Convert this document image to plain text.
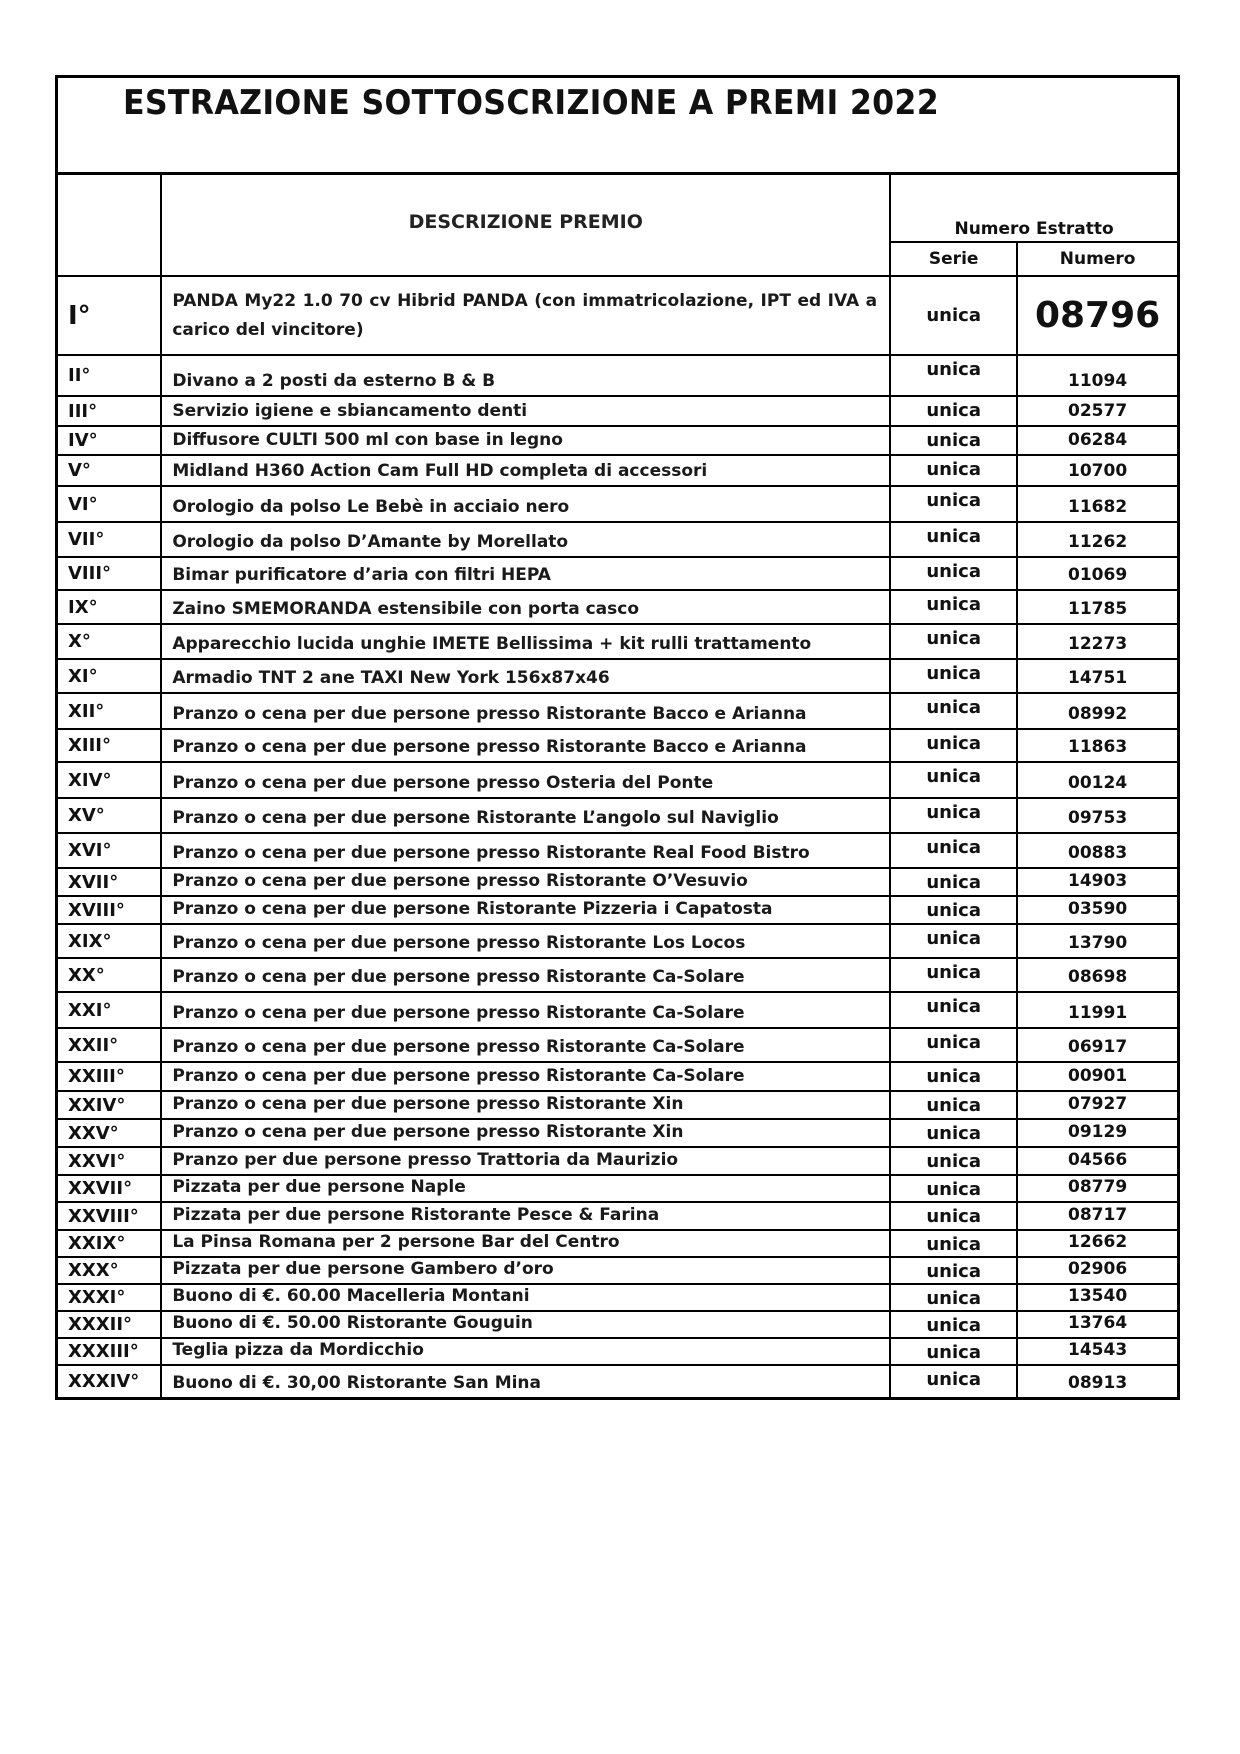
ESTRAZIONE SOTTOSCRIZIONE A PREMI 2022
	DESCRIZIONE PREMIO	Numero Estratto	
		Serie	Numero
I°	PANDA My22 1.0 70 cv Hibrid PANDA (con immatricolazione, IPT ed IVA a carico del vincitore)	unica	08796
II°	Divano a 2 posti da esterno B & B	unica	11094
III°	Servizio igiene e sbiancamento denti	unica	02577
IV°	Diffusore CULTI 500 ml con base in legno	unica	06284
V°	Midland H360 Action Cam Full HD completa di accessori	unica	10700
VI°	Orologio da polso Le Bebè in acciaio nero	unica	11682
VII°	Orologio da polso D’Amante by Morellato	unica	11262
VIII°	Bimar purificatore d’aria con filtri HEPA	unica	01069
IX°	Zaino SMEMORANDA estensibile con porta casco	unica	11785
X°	Apparecchio lucida unghie IMETE Bellissima + kit rulli trattamento	unica	12273
XI°	Armadio TNT 2 ane TAXI New York 156x87x46	unica	14751
XII°	Pranzo o cena per due persone presso Ristorante Bacco e Arianna	unica	08992
XIII°	Pranzo o cena per due persone presso Ristorante Bacco e Arianna	unica	11863
XIV°	Pranzo o cena per due persone presso Osteria del Ponte	unica	00124
XV°	Pranzo o cena per due persone Ristorante L’angolo sul Naviglio	unica	09753
XVI°	Pranzo o cena per due persone presso Ristorante Real Food Bistro	unica	00883
XVII°	Pranzo o cena per due persone presso Ristorante O’Vesuvio	unica	14903
XVIII°	Pranzo o cena per due persone Ristorante Pizzeria i Capatosta	unica	03590
XIX°	Pranzo o cena per due persone presso Ristorante Los Locos	unica	13790
XX°	Pranzo o cena per due persone presso Ristorante Ca-Solare	unica	08698
XXI°	Pranzo o cena per due persone presso Ristorante Ca-Solare	unica	11991
XXII°	Pranzo o cena per due persone presso Ristorante Ca-Solare	unica	06917
XXIII°	Pranzo o cena per due persone presso Ristorante Ca-Solare	unica	00901
XXIV°	Pranzo o cena per due persone presso Ristorante Xin	unica	07927
XXV°	Pranzo o cena per due persone presso Ristorante Xin	unica	09129
XXVI°	Pranzo per due persone presso Trattoria da Maurizio	unica	04566
XXVII°	Pizzata per due persone Naple	unica	08779
XXVIII°	Pizzata per due persone Ristorante Pesce & Farina	unica	08717
XXIX°	La Pinsa Romana per 2 persone Bar del Centro	unica	12662
XXX°	Pizzata per due persone Gambero d’oro	unica	02906
XXXI°	Buono di €. 60.00 Macelleria Montani	unica	13540
XXXII°	Buono di €. 50.00 Ristorante Gouguin	unica	13764
XXXIII°	Teglia pizza da Mordicchio	unica	14543
XXXIV°	Buono di €. 30,00 Ristorante San Mina	unica	08913
